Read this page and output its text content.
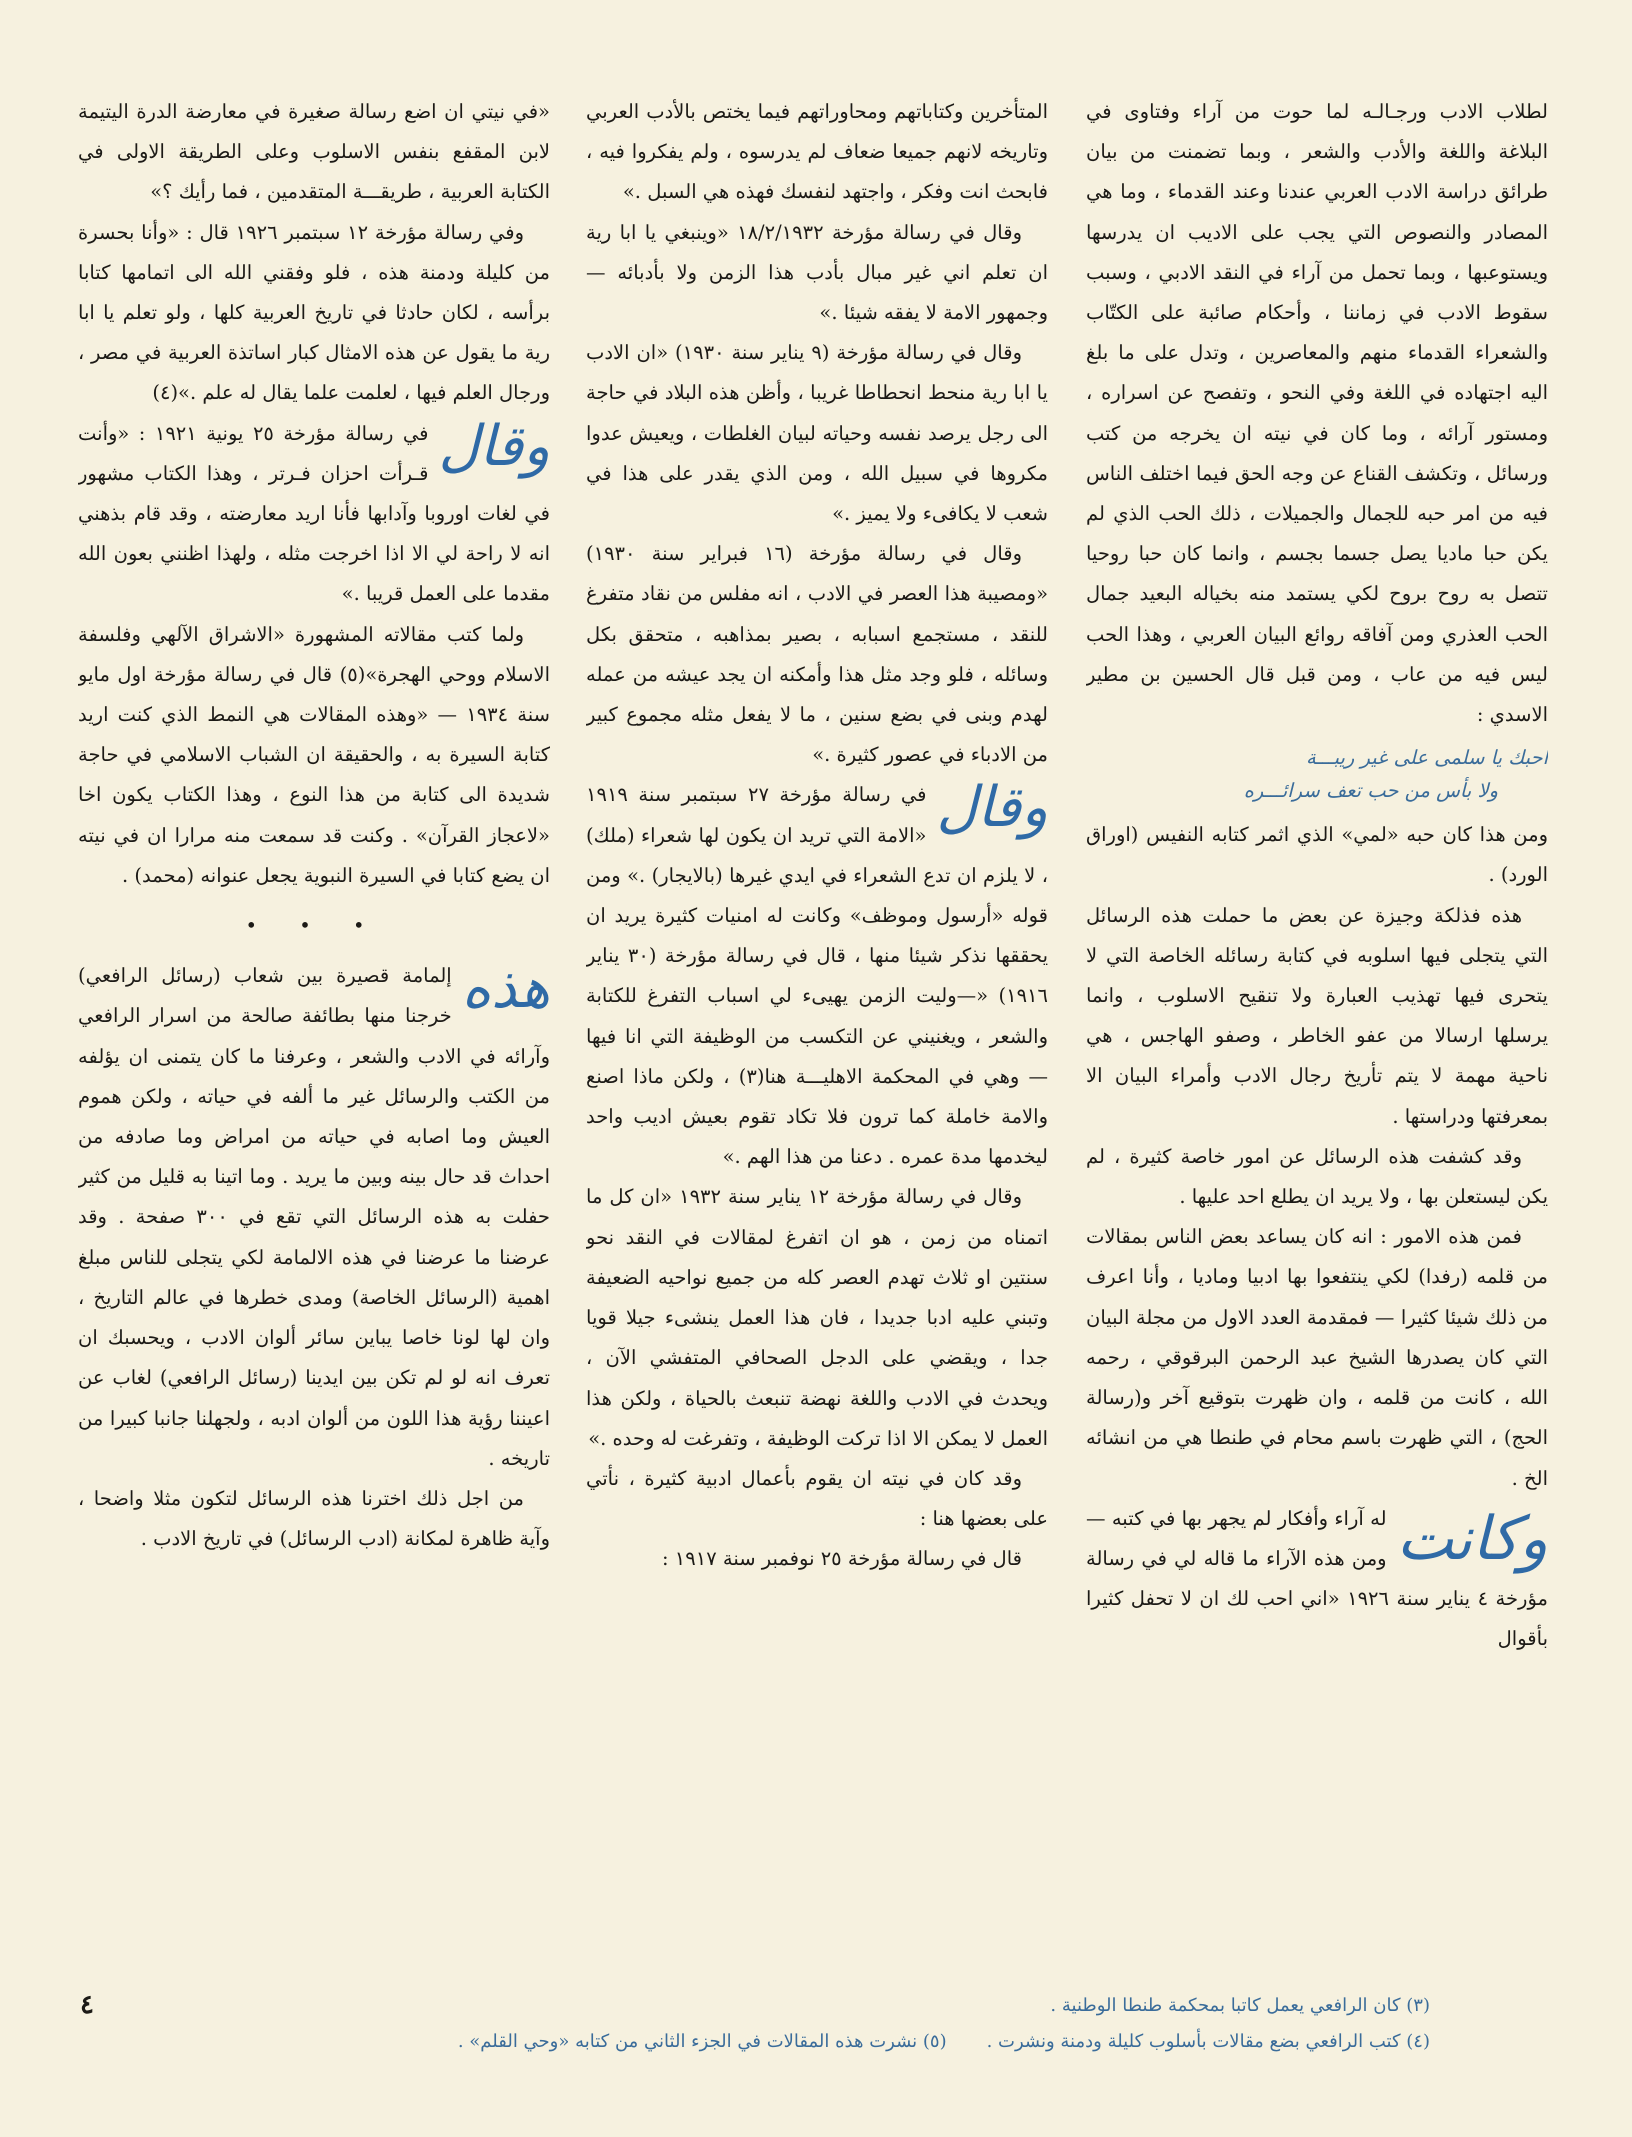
لطلاب الادب ورجـالـه لما حوت من آراء وفتاوى في البلاغة واللغة والأدب والشعر ، وبما تضمنت من بيان طرائق دراسة الادب العربي عندنا وعند القدماء ، وما هي المصادر والنصوص التي يجب على الاديب ان يدرسها ويستوعبها ، وبما تحمل من آراء في النقد الادبي ، وسبب سقوط الادب في زماننا ، وأحكام صائبة على الكتّاب والشعراء القدماء منهم والمعاصرين ، وتدل على ما بلغ اليه اجتهاده في اللغة وفي النحو ، وتفصح عن اسراره ، ومستور آرائه ، وما كان في نيته ان يخرجه من كتب ورسائل ، وتكشف القناع عن وجه الحق فيما اختلف الناس فيه من امر حبه للجمال والجميلات ، ذلك الحب الذي لم يكن حبا ماديا يصل جسما بجسم ، وانما كان حبا روحيا تتصل به روح بروح لكي يستمد منه بخياله البعيد جمال الحب العذري ومن آفاقه روائع البيان العربي ، وهذا الحب ليس فيه من عاب ، ومن قبل قال الحسين بن مطير الاسدي :

احبك يا سلمى على غير ريبـــة
ولا بأس من حب تعف سرائـــره

ومن هذا كان حبه «لمي» الذي اثمر كتابه النفيس (اوراق الورد) .

هذه فذلكة وجيزة عن بعض ما حملت هذه الرسائل التي يتجلى فيها اسلوبه في كتابة رسائله الخاصة التي لا يتحرى فيها تهذيب العبارة ولا تنقيح الاسلوب ، وانما يرسلها ارسالا من عفو الخاطر ، وصفو الهاجس ، هي ناحية مهمة لا يتم تأريخ رجال الادب وأمراء البيان الا بمعرفتها ودراستها .

وقد كشفت هذه الرسائل عن امور خاصة كثيرة ، لم يكن ليستعلن بها ، ولا يريد ان يطلع احد عليها .

فمن هذه الامور : انه كان يساعد بعض الناس بمقالات من قلمه (رفدا) لكي ينتفعوا بها ادبيا وماديا ، وأنا اعرف من ذلك شيئا كثيرا — فمقدمة العدد الاول من مجلة البيان التي كان يصدرها الشيخ عبد الرحمن البرقوقي ، رحمه الله ، كانت من قلمه ، وان ظهرت بتوقيع آخر و(رسالة الحج) ، التي ظهرت باسم محام في طنطا هي من انشائه الخ .

وكانت
له آراء وأفكار لم يجهر بها في كتبه — ومن هذه الآراء ما قاله لي في رسالة مؤرخة ٤ يناير سنة ١٩٢٦ «اني احب لك ان لا تحفل كثيرا بأقوال

المتأخرين وكتاباتهم ومحاوراتهم فيما يختص بالأدب العربي وتاريخه لانهم جميعا ضعاف لم يدرسوه ، ولم يفكروا فيه ، فابحث انت وفكر ، واجتهد لنفسك فهذه هي السبل .»

وقال في رسالة مؤرخة ١٨/٢/١٩٣٢ «وينبغي يا ابا رية ان تعلم اني غير مبال بأدب هذا الزمن ولا بأدبائه — وجمهور الامة لا يفقه شيئا .»

وقال في رسالة مؤرخة (٩ يناير سنة ١٩٣٠) «ان الادب يا ابا رية منحط انحطاطا غريبا ، وأظن هذه البلاد في حاجة الى رجل يرصد نفسه وحياته لبيان الغلطات ، ويعيش عدوا مكروها في سبيل الله ، ومن الذي يقدر على هذا في شعب لا يكافىء ولا يميز .»

وقال في رسالة مؤرخة (١٦ فبراير سنة ١٩٣٠) «ومصيبة هذا العصر في الادب ، انه مفلس من نقاد متفرغ للنقد ، مستجمع اسبابه ، بصير بمذاهبه ، متحقق بكل وسائله ، فلو وجد مثل هذا وأمكنه ان يجد عيشه من عمله لهدم وبنى في بضع سنين ، ما لا يفعل مثله مجموع كبير من الادباء في عصور كثيرة .»

وقال
في رسالة مؤرخة ٢٧ سبتمبر سنة ١٩١٩ «الامة التي تريد ان يكون لها شعراء (ملك) ، لا يلزم ان تدع الشعراء في ايدي غيرها (بالايجار) .» ومن قوله «أرسول وموظف» وكانت له امنيات كثيرة يريد ان يحققها نذكر شيئا منها ، قال في رسالة مؤرخة (٣٠ يناير ١٩١٦) «—وليت الزمن يهيىء لي اسباب التفرغ للكتابة والشعر ، ويغنيني عن التكسب من الوظيفة التي انا فيها — وهي في المحكمة الاهليـــة هنا(٣) ، ولكن ماذا اصنع والامة خاملة كما ترون فلا تكاد تقوم بعيش اديب واحد ليخدمها مدة عمره . دعنا من هذا الهم .»

وقال في رسالة مؤرخة ١٢ يناير سنة ١٩٣٢ «ان كل ما اتمناه من زمن ، هو ان اتفرغ لمقالات في النقد نحو سنتين او ثلاث تهدم العصر كله من جميع نواحيه الضعيفة وتبني عليه ادبا جديدا ، فان هذا العمل ينشىء جيلا قويا جدا ، ويقضي على الدجل الصحافي المتفشي الآن ، ويحدث في الادب واللغة نهضة تنبعث بالحياة ، ولكن هذا العمل لا يمكن الا اذا تركت الوظيفة ، وتفرغت له وحده .»

وقد كان في نيته ان يقوم بأعمال ادبية كثيرة ، نأتي على بعضها هنا :

قال في رسالة مؤرخة ٢٥ نوفمبر سنة ١٩١٧ :

«في نيتي ان اضع رسالة صغيرة في معارضة الدرة اليتيمة لابن المقفع بنفس الاسلوب وعلى الطريقة الاولى في الكتابة العربية ، طريقـــة المتقدمين ، فما رأيك ؟»

وفي رسالة مؤرخة ١٢ سبتمبر ١٩٢٦ قال : «وأنا بحسرة من كليلة ودمنة هذه ، فلو وفقني الله الى اتمامها كتابا برأسه ، لكان حادثا في تاريخ العربية كلها ، ولو تعلم يا ابا رية ما يقول عن هذه الامثال كبار اساتذة العربية في مصر ، ورجال العلم فيها ، لعلمت علما يقال له علم .»(٤)

وقال
في رسالة مؤرخة ٢٥ يونية ١٩٢١ : «وأنت قـرأت احزان فـرتر ، وهذا الكتاب مشهور في لغات اوروبا وآدابها فأنا اريد معارضته ، وقد قام بذهني انه لا راحة لي الا اذا اخرجت مثله ، ولهذا اظنني بعون الله مقدما على العمل قريبا .»

ولما كتب مقالاته المشهورة «الاشراق الآلهي وفلسفة الاسلام ووحي الهجرة»(٥) قال في رسالة مؤرخة اول مايو سنة ١٩٣٤ — «وهذه المقالات هي النمط الذي كنت اريد كتابة السيرة به ، والحقيقة ان الشباب الاسلامي في حاجة شديدة الى كتابة من هذا النوع ، وهذا الكتاب يكون اخا «لاعجاز القرآن» . وكنت قد سمعت منه مرارا ان في نيته ان يضع كتابا في السيرة النبوية يجعل عنوانه (محمد) .

• • •

هذه
إلمامة قصيرة بين شعاب (رسائل الرافعي) خرجنا منها بطائفة صالحة من اسرار الرافعي وآرائه في الادب والشعر ، وعرفنا ما كان يتمنى ان يؤلفه من الكتب والرسائل غير ما ألفه في حياته ، ولكن هموم العيش وما اصابه في حياته من امراض وما صادفه من احداث قد حال بينه وبين ما يريد . وما اتينا به قليل من كثير حفلت به هذه الرسائل التي تقع في ٣٠٠ صفحة . وقد عرضنا ما عرضنا في هذه الالمامة لكي يتجلى للناس مبلغ اهمية (الرسائل الخاصة) ومدى خطرها في عالم التاريخ ، وان لها لونا خاصا يباين سائر ألوان الادب ، ويحسبك ان تعرف انه لو لم تكن بين ايدينا (رسائل الرافعي) لغاب عن اعيننا رؤية هذا اللون من ألوان ادبه ، ولجهلنا جانبا كبيرا من تاريخه .

من اجل ذلك اخترنا هذه الرسائل لتكون مثلا واضحا ، وآية ظاهرة لمكانة (ادب الرسائل) في تاريخ الادب .

٤	(٣) كان الرافعي يعمل كاتبا بمحكمة طنطا الوطنية .
(٤) كتب الرافعي بضع مقالات بأسلوب كليلة ودمنة ونشرت .
(٥) نشرت هذه المقالات في الجزء الثاني من كتابه «وحي القلم» .
